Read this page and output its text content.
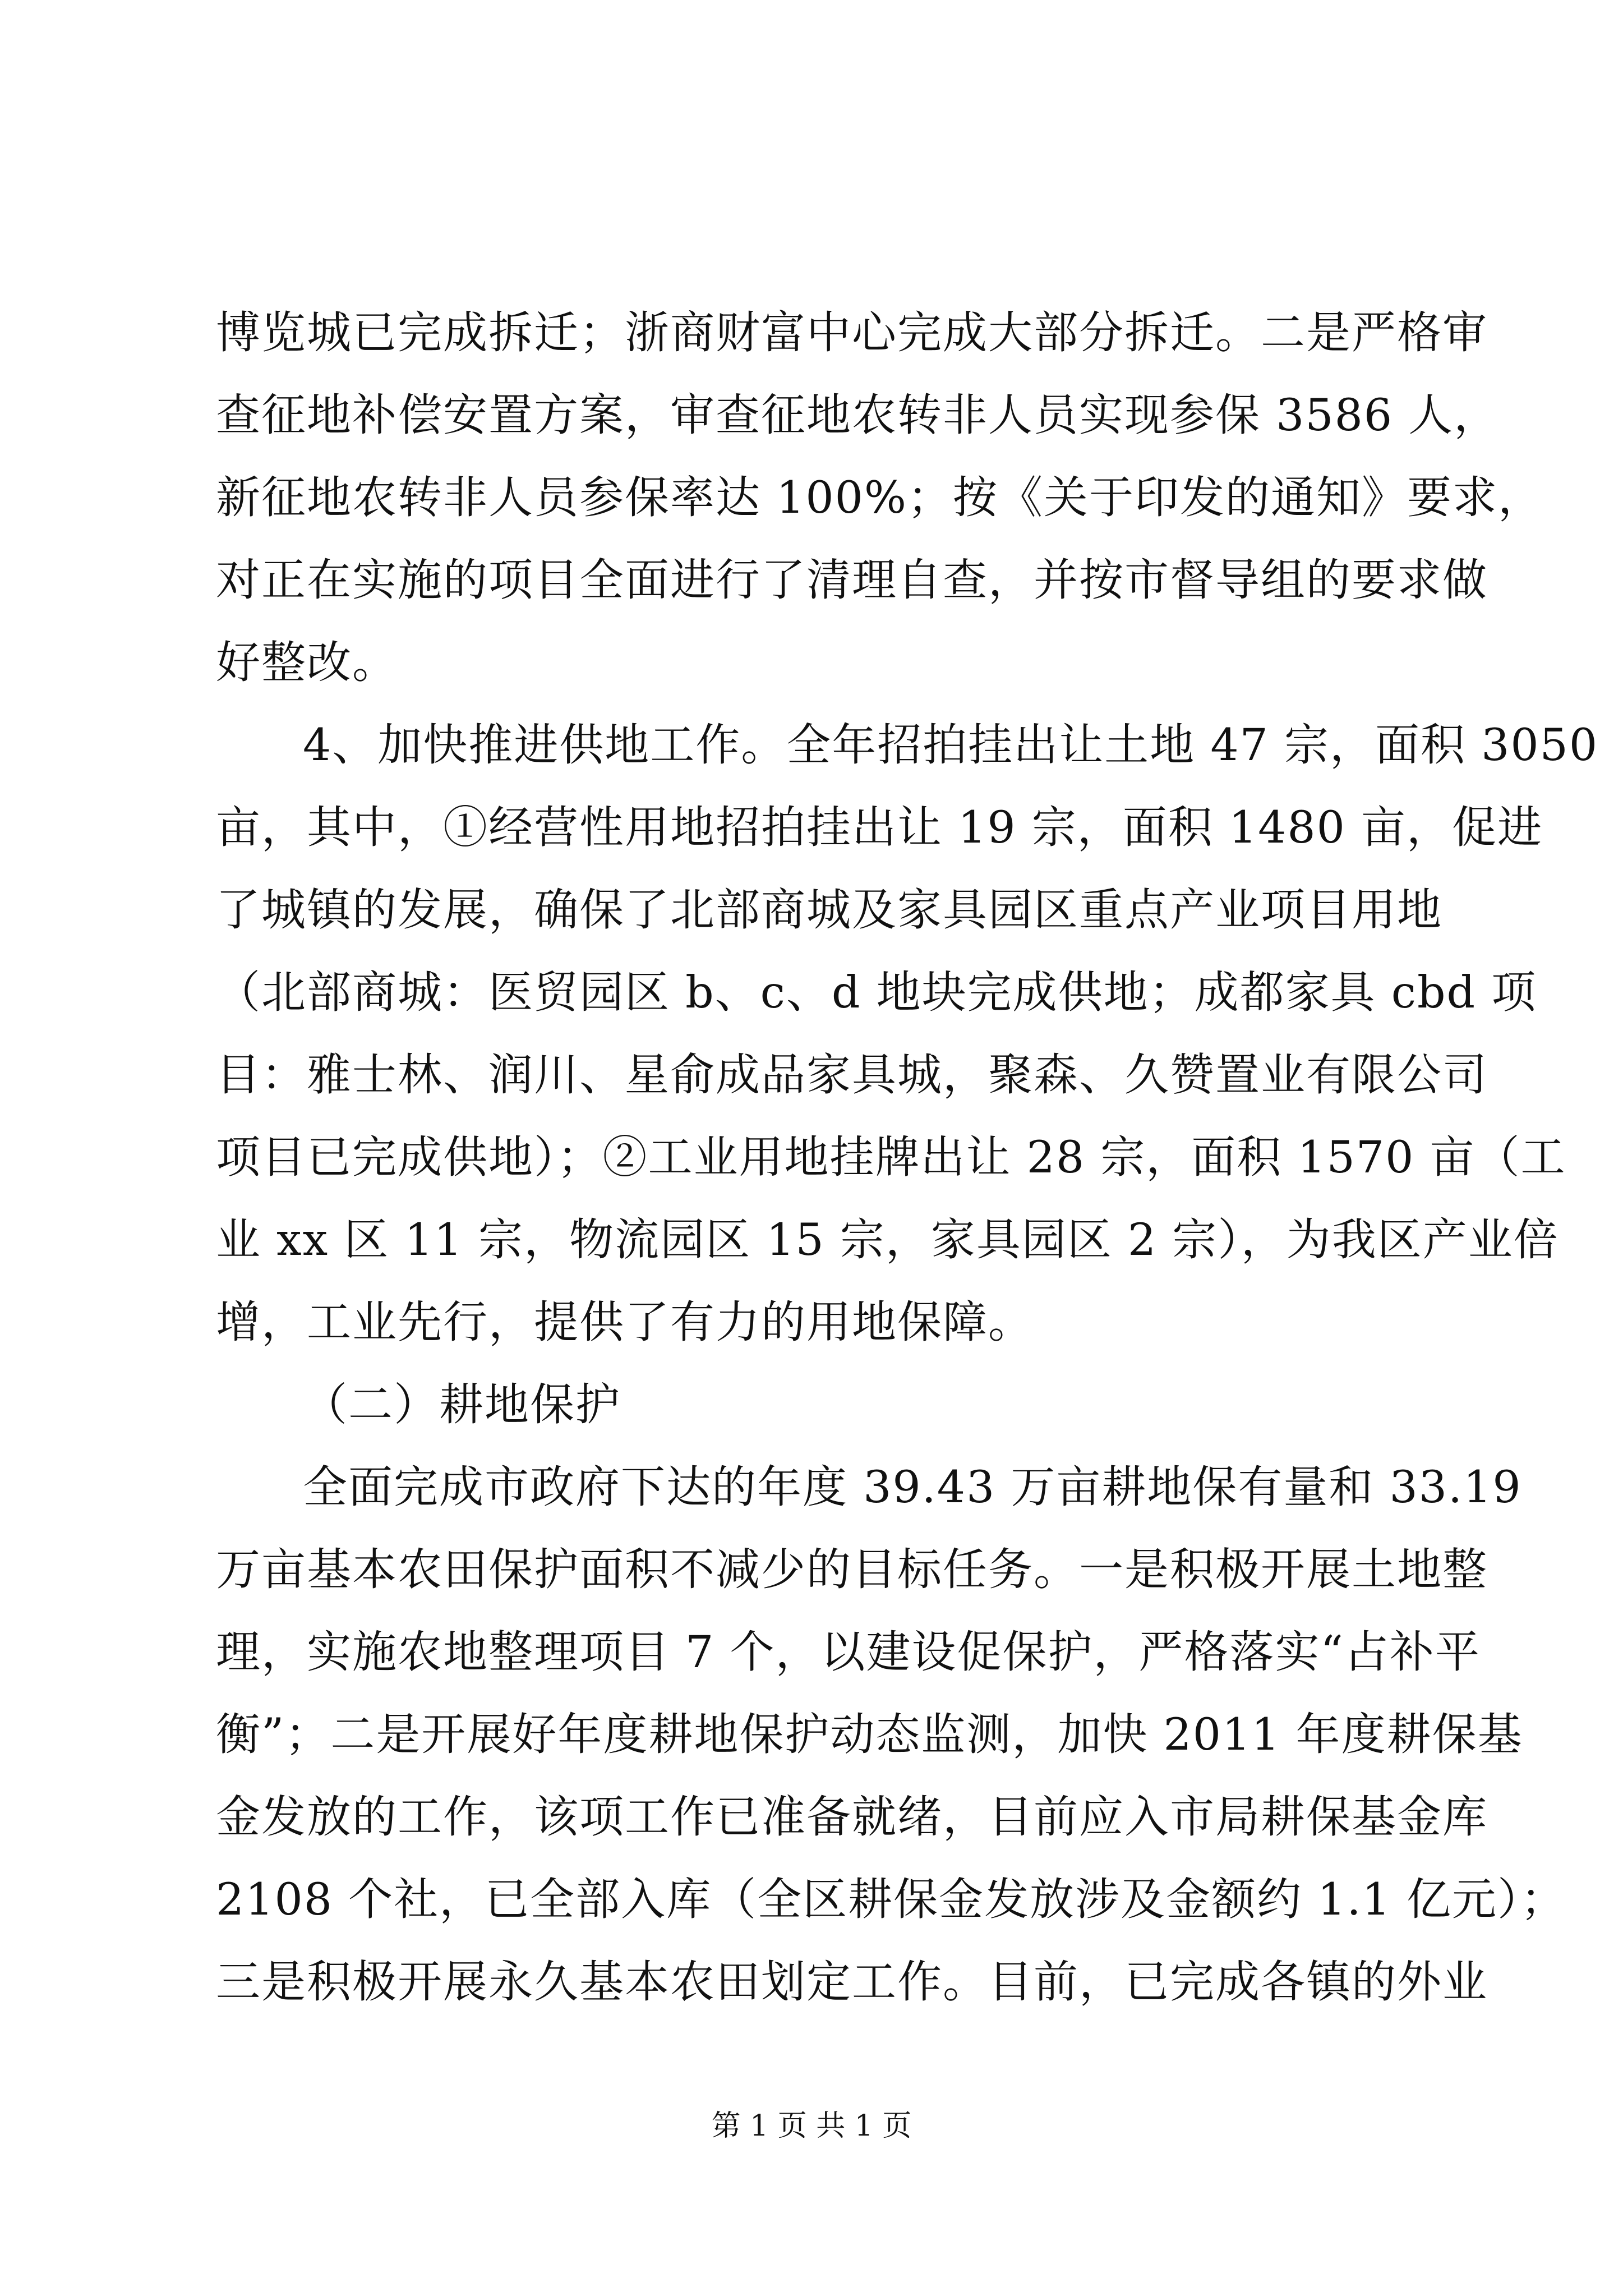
博览城已完成拆迁；浙商财富中心完成大部分拆迁。二是严格审
查征地补偿安置方案，审查征地农转非人员实现参保 3586 人，
新征地农转非人员参保率达 100%；按《关于印发的通知》要求，
对正在实施的项目全面进行了清理自查，并按市督导组的要求做
好整改。
4、加快推进供地工作。全年招拍挂出让土地 47 宗，面积 3050
亩，其中，①经营性用地招拍挂出让 19 宗，面积 1480 亩，促进
了城镇的发展，确保了北部商城及家具园区重点产业项目用地
（北部商城：医贸园区 b、c、d 地块完成供地；成都家具 cbd 项
目：雅士林、润川、星俞成品家具城，聚森、久赞置业有限公司
项目已完成供地）；②工业用地挂牌出让 28 宗，面积 1570 亩（工
业 xx 区 11 宗，物流园区 15 宗，家具园区 2 宗），为我区产业倍
增，工业先行，提供了有力的用地保障。
（二）耕地保护
全面完成市政府下达的年度 39.43 万亩耕地保有量和 33.19
万亩基本农田保护面积不减少的目标任务。一是积极开展土地整
理，实施农地整理项目 7 个，以建设促保护，严格落实“占补平
衡”；二是开展好年度耕地保护动态监测，加快 2011 年度耕保基
金发放的工作，该项工作已准备就绪，目前应入市局耕保基金库
2108 个社，已全部入库（全区耕保金发放涉及金额约 1.1 亿元）；
三是积极开展永久基本农田划定工作。目前，已完成各镇的外业
第 1 页 共 1 页
